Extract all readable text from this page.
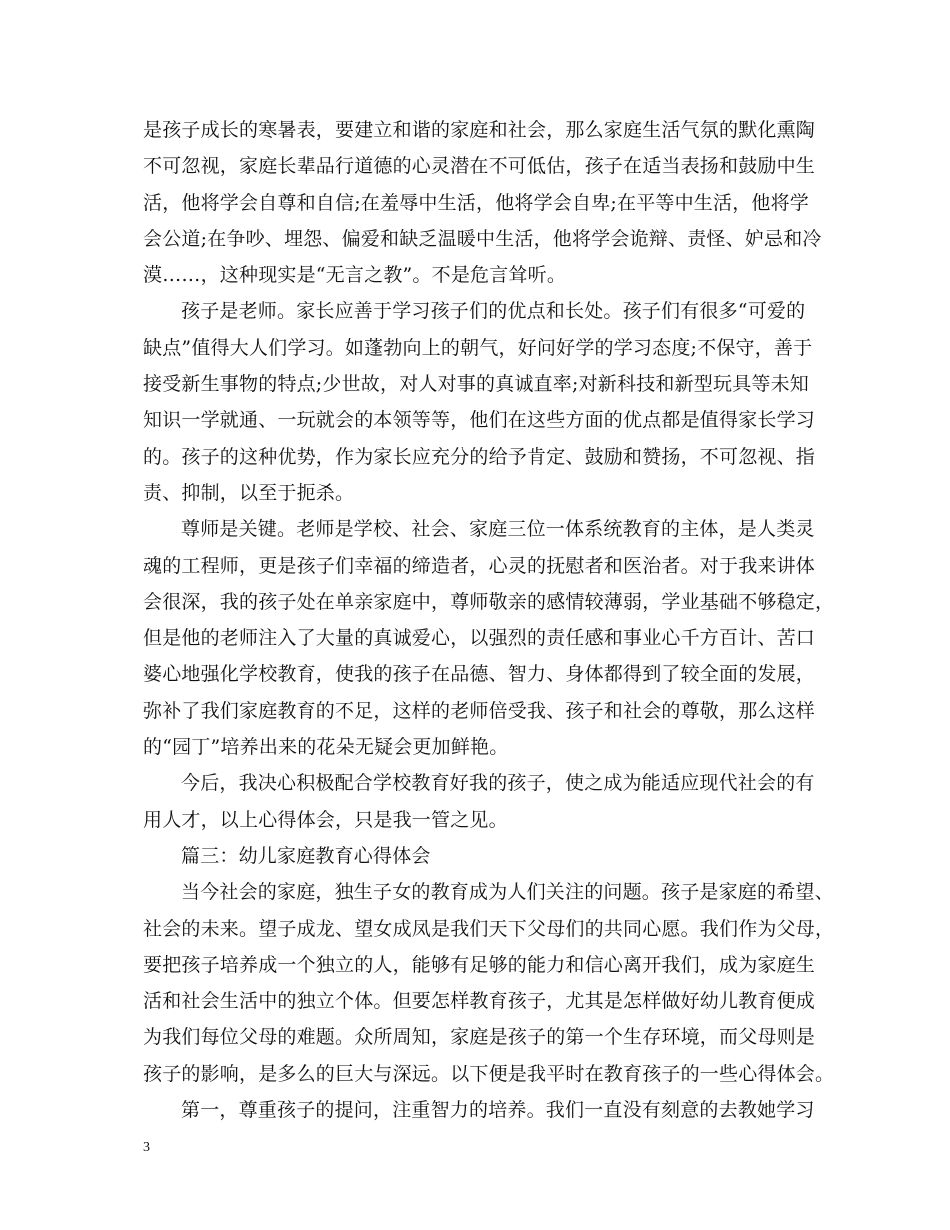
是孩子成长的寒暑表，要建立和谐的家庭和社会，那么家庭生活气氛的默化熏陶
不可忽视，家庭长辈品行道德的心灵潜在不可低估，孩子在适当表扬和鼓励中生
活，他将学会自尊和自信;在羞辱中生活，他将学会自卑;在平等中生活，他将学
会公道;在争吵、埋怨、偏爱和缺乏温暖中生活，他将学会诡辩、责怪、妒忌和冷
漠……，这种现实是“无言之教”。不是危言耸听。
孩子是老师。家长应善于学习孩子们的优点和长处。孩子们有很多“可爱的
缺点”值得大人们学习。如蓬勃向上的朝气，好问好学的学习态度;不保守，善于
接受新生事物的特点;少世故，对人对事的真诚直率;对新科技和新型玩具等未知
知识一学就通、一玩就会的本领等等，他们在这些方面的优点都是值得家长学习
的。孩子的这种优势，作为家长应充分的给予肯定、鼓励和赞扬，不可忽视、指
责、抑制，以至于扼杀。
尊师是关键。老师是学校、社会、家庭三位一体系统教育的主体，是人类灵
魂的工程师，更是孩子们幸福的缔造者，心灵的抚慰者和医治者。对于我来讲体
会很深，我的孩子处在单亲家庭中，尊师敬亲的感情较薄弱，学业基础不够稳定，
但是他的老师注入了大量的真诚爱心，以强烈的责任感和事业心千方百计、苦口
婆心地强化学校教育，使我的孩子在品德、智力、身体都得到了较全面的发展，
弥补了我们家庭教育的不足，这样的老师倍受我、孩子和社会的尊敬，那么这样
的“园丁”培养出来的花朵无疑会更加鲜艳。
今后，我决心积极配合学校教育好我的孩子，使之成为能适应现代社会的有
用人才，以上心得体会，只是我一管之见。
篇三：幼儿家庭教育心得体会
当今社会的家庭，独生子女的教育成为人们关注的问题。孩子是家庭的希望、
社会的未来。望子成龙、望女成凤是我们天下父母们的共同心愿。我们作为父母，
要把孩子培养成一个独立的人，能够有足够的能力和信心离开我们，成为家庭生
活和社会生活中的独立个体。但要怎样教育孩子，尤其是怎样做好幼儿教育便成
为我们每位父母的难题。众所周知，家庭是孩子的第一个生存环境，而父母则是
孩子的影响，是多么的巨大与深远。以下便是我平时在教育孩子的一些心得体会。
第一，尊重孩子的提问，注重智力的培养。我们一直没有刻意的去教她学习
3
